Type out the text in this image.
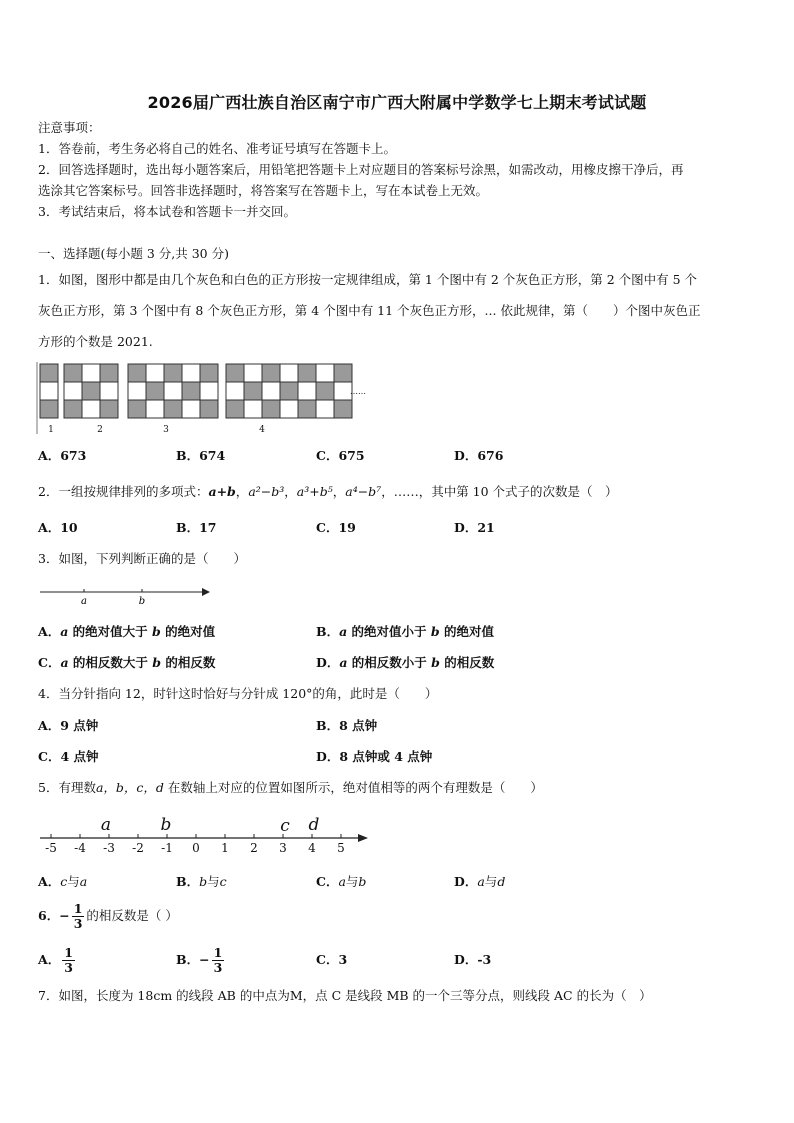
2026届广西壮族自治区南宁市广西大附属中学数学七上期末考试试题
注意事项：
1．答卷前，考生务必将自己的姓名、准考证号填写在答题卡上。
2．回答选择题时，选出每小题答案后，用铅笔把答题卡上对应题目的答案标号涂黑，如需改动，用橡皮擦干净后，再
选涂其它答案标号。回答非选择题时，将答案写在答题卡上，写在本试卷上无效。
3．考试结束后，将本试卷和答题卡一并交回。
一、选择题(每小题 3 分,共 30 分)
1．如图，图形中都是由几个灰色和白色的正方形按一定规律组成，第 1 个图中有 2 个灰色正方形，第 2 个图中有 5 个
灰色正方形，第 3 个图中有 8 个灰色正方形，第 4 个图中有 11 个灰色正方形，... 依此规律，第（　　）个图中灰色正
方形的个数是 2021.
1	2	3	4
……
A．673	B．674	C．675	D．676
2．一组按规律排列的多项式：a+b，a²−b³，a³+b⁵，a⁴−b⁷，……，其中第 10 个式子的次数是（　）
A．10	B．17	C．19	D．21
3．如图，下列判断正确的是（　　）
a	b
A．a 的绝对值大于 b 的绝对值	B．a 的绝对值小于 b 的绝对值
C．a 的相反数大于 b 的相反数	D．a 的相反数小于 b 的相反数
4．当分针指向 12，时针这时恰好与分针成 120°的角，此时是（　　）
A．9 点钟	B．8 点钟
C．4 点钟	D．8 点钟或 4 点钟
5．有理数a，b，c，d 在数轴上对应的位置如图所示，绝对值相等的两个有理数是（　　）
-5 -4 -3 -2 -1 0 1 2 3 4 5
a	b	c d
A．c与a	B．b与c	C．a与b	D．a与d
6．− $\frac{1}{3}$ 的相反数是（ ）
A． $\frac{1}{3}$	B．− $\frac{1}{3}$	C．3	D．-3
7．如图，长度为 18cm 的线段 AB 的中点为M，点 C 是线段 MB 的一个三等分点，则线段 AC 的长为（　）
